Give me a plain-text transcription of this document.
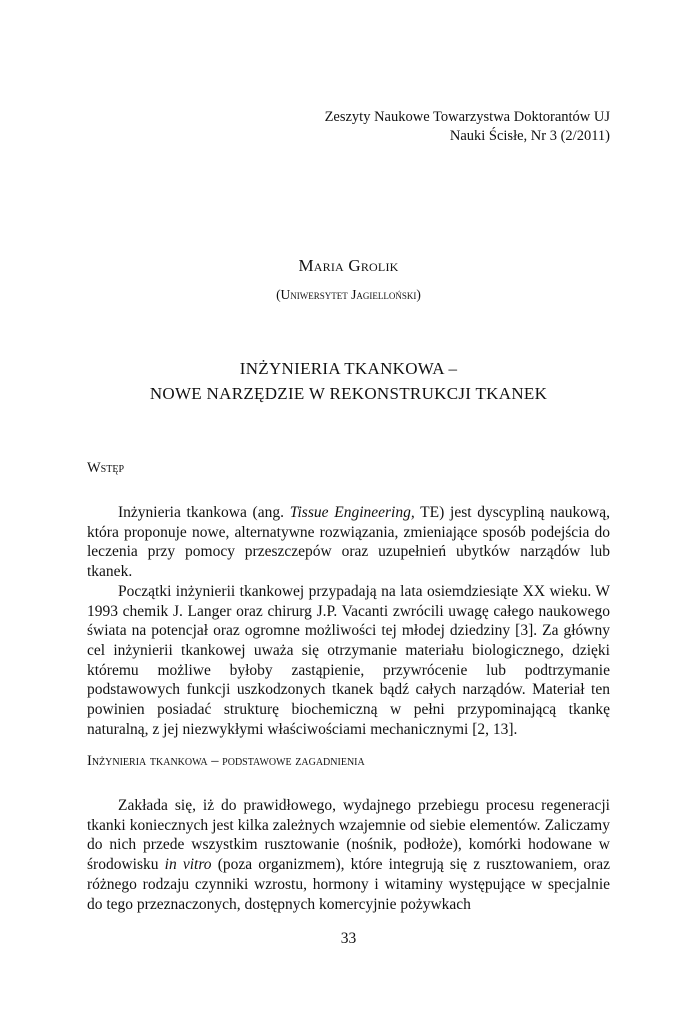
Zeszyty Naukowe Towarzystwa Doktorantów UJ
Nauki Ścisłe, Nr 3 (2/2011)
Maria Grolik
(Uniwersytet Jagielloński)
INŻYNIERIA TKANKOWA –
NOWE NARZĘDZIE W REKONSTRUKCJI TKANEK
Wstęp

Inżynieria tkankowa (ang. Tissue Engineering, TE) jest dyscypliną naukową, która proponuje nowe, alternatywne rozwiązania, zmieniające sposób podejścia do leczenia przy pomocy przeszczepów oraz uzupełnień ubytków narządów lub tkanek.

Początki inżynierii tkankowej przypadają na lata osiemdziesiąte XX wieku. W 1993 chemik J. Langer oraz chirurg J.P. Vacanti zwrócili uwagę całego naukowego świata na potencjał oraz ogromne możliwości tej młodej dziedziny [3]. Za główny cel inżynierii tkankowej uważa się otrzymanie materiału biologicznego, dzięki któremu możliwe byłoby zastąpienie, przywrócenie lub podtrzymanie podstawowych funkcji uszkodzonych tkanek bądź całych narządów. Materiał ten powinien posiadać strukturę biochemiczną w pełni przypominającą tkankę naturalną, z jej niezwykłymi właściwościami mechanicznymi [2, 13].

Inżynieria tkankowa – podstawowe zagadnienia

Zakłada się, iż do prawidłowego, wydajnego przebiegu procesu regeneracji tkanki koniecznych jest kilka zależnych wzajemnie od siebie elementów. Zaliczamy do nich przede wszystkim rusztowanie (nośnik, podłoże), komórki hodowane w środowisku in vitro (poza organizmem), które integrują się z rusztowaniem, oraz różnego rodzaju czynniki wzrostu, hormony i witaminy występujące w specjalnie do tego przeznaczonych, dostępnych komercyjnie pożywkach

33
